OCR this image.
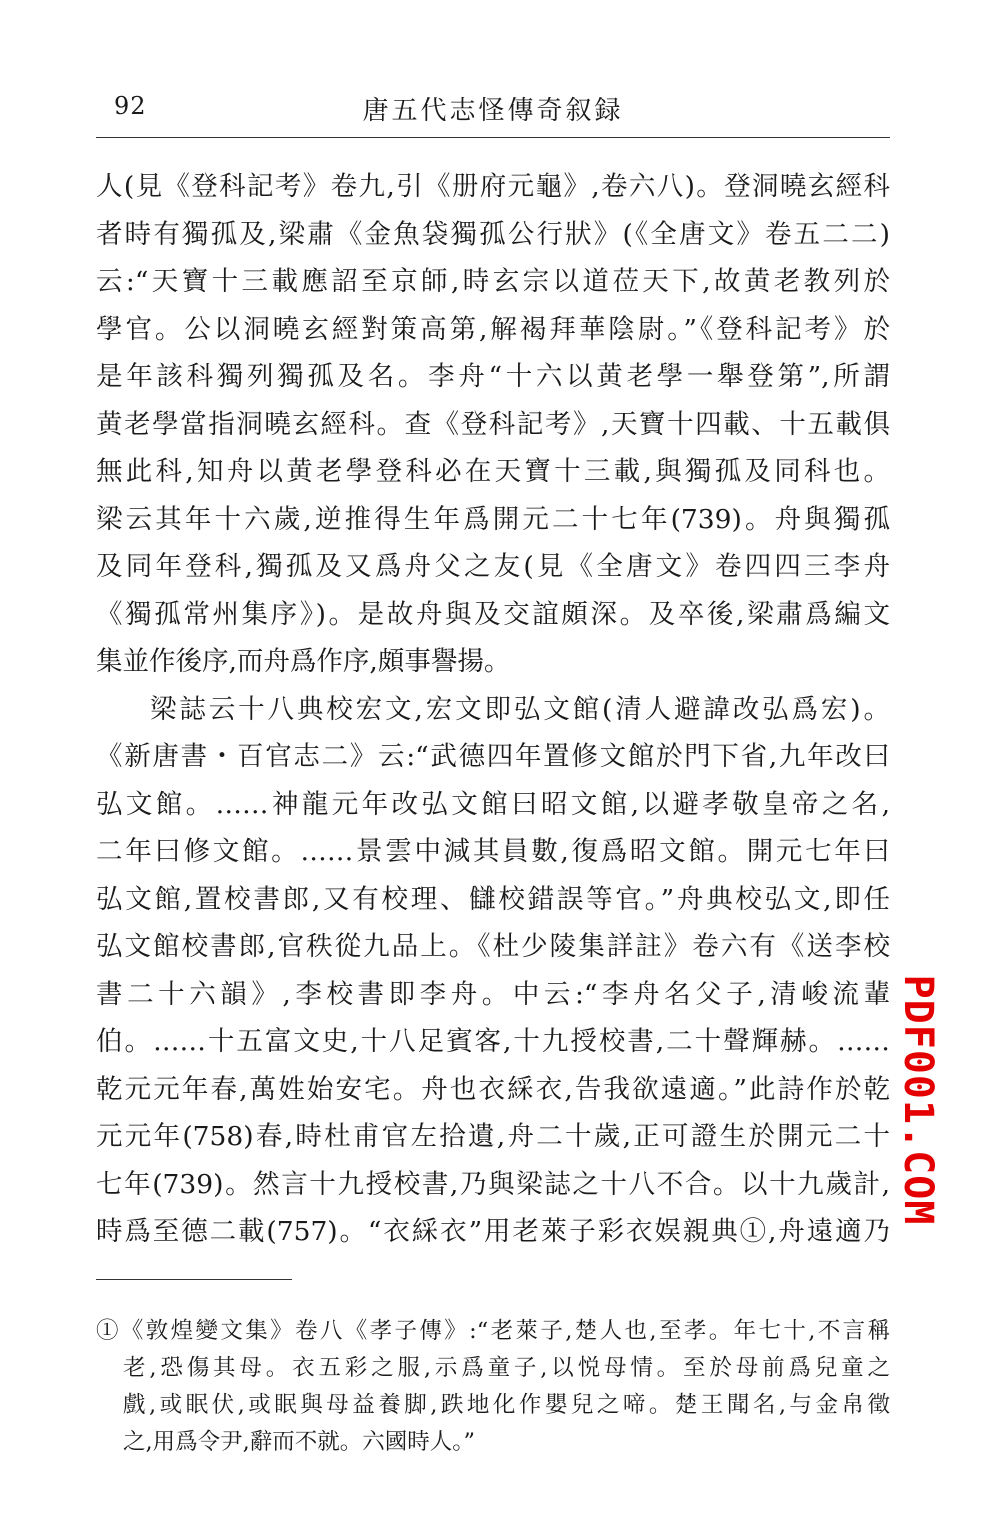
92	唐五代志怪傳奇叙録
人(見《登科記考》卷九,引《册府元龜》,卷六八)。登洞曉玄經科
者時有獨孤及,梁肅《金魚袋獨孤公行狀》(《全唐文》卷五二二)
云:“天寶十三載應詔至京師,時玄宗以道莅天下,故黄老教列於
學官。公以洞曉玄經對策高第,解褐拜華陰尉。”《登科記考》於
是年該科獨列獨孤及名。李舟“十六以黄老學一舉登第”,所謂
黄老學當指洞曉玄經科。查《登科記考》,天寶十四載、十五載俱
無此科,知舟以黄老學登科必在天寶十三載,與獨孤及同科也。
梁云其年十六歲,逆推得生年爲開元二十七年(739)。舟與獨孤
及同年登科,獨孤及又爲舟父之友(見《全唐文》卷四四三李舟
《獨孤常州集序》)。是故舟與及交誼頗深。及卒後,梁肅爲編文
集並作後序,而舟爲作序,頗事譽揚。
梁誌云十八典校宏文,宏文即弘文館(清人避諱改弘爲宏)。
《新唐書・百官志二》云:“武德四年置修文館於門下省,九年改曰
弘文館。……神龍元年改弘文館曰昭文館,以避孝敬皇帝之名,
二年曰修文館。……景雲中減其員數,復爲昭文館。開元七年曰
弘文館,置校書郎,又有校理、讎校錯誤等官。”舟典校弘文,即任
弘文館校書郎,官秩從九品上。《杜少陵集詳註》卷六有《送李校
書二十六韻》,李校書即李舟。中云:“李舟名父子,清峻流輩
伯。……十五富文史,十八足賓客,十九授校書,二十聲輝赫。……
乾元元年春,萬姓始安宅。舟也衣綵衣,告我欲遠適。”此詩作於乾
元元年(758)春,時杜甫官左拾遺,舟二十歲,正可證生於開元二十
七年(739)。然言十九授校書,乃與梁誌之十八不合。以十九歲計,
時爲至德二載(757)。“衣綵衣”用老萊子彩衣娱親典①,舟遠適乃
①《敦煌變文集》卷八《孝子傳》:“老萊子,楚人也,至孝。年七十,不言稱
老,恐傷其母。衣五彩之服,示爲童子,以悦母情。至於母前爲兒童之
戲,或眠伏,或眠與母益養脚,跌地化作嬰兒之啼。楚王聞名,与金帛徵
之,用爲令尹,辭而不就。六國時人。”
PDF001.COM
